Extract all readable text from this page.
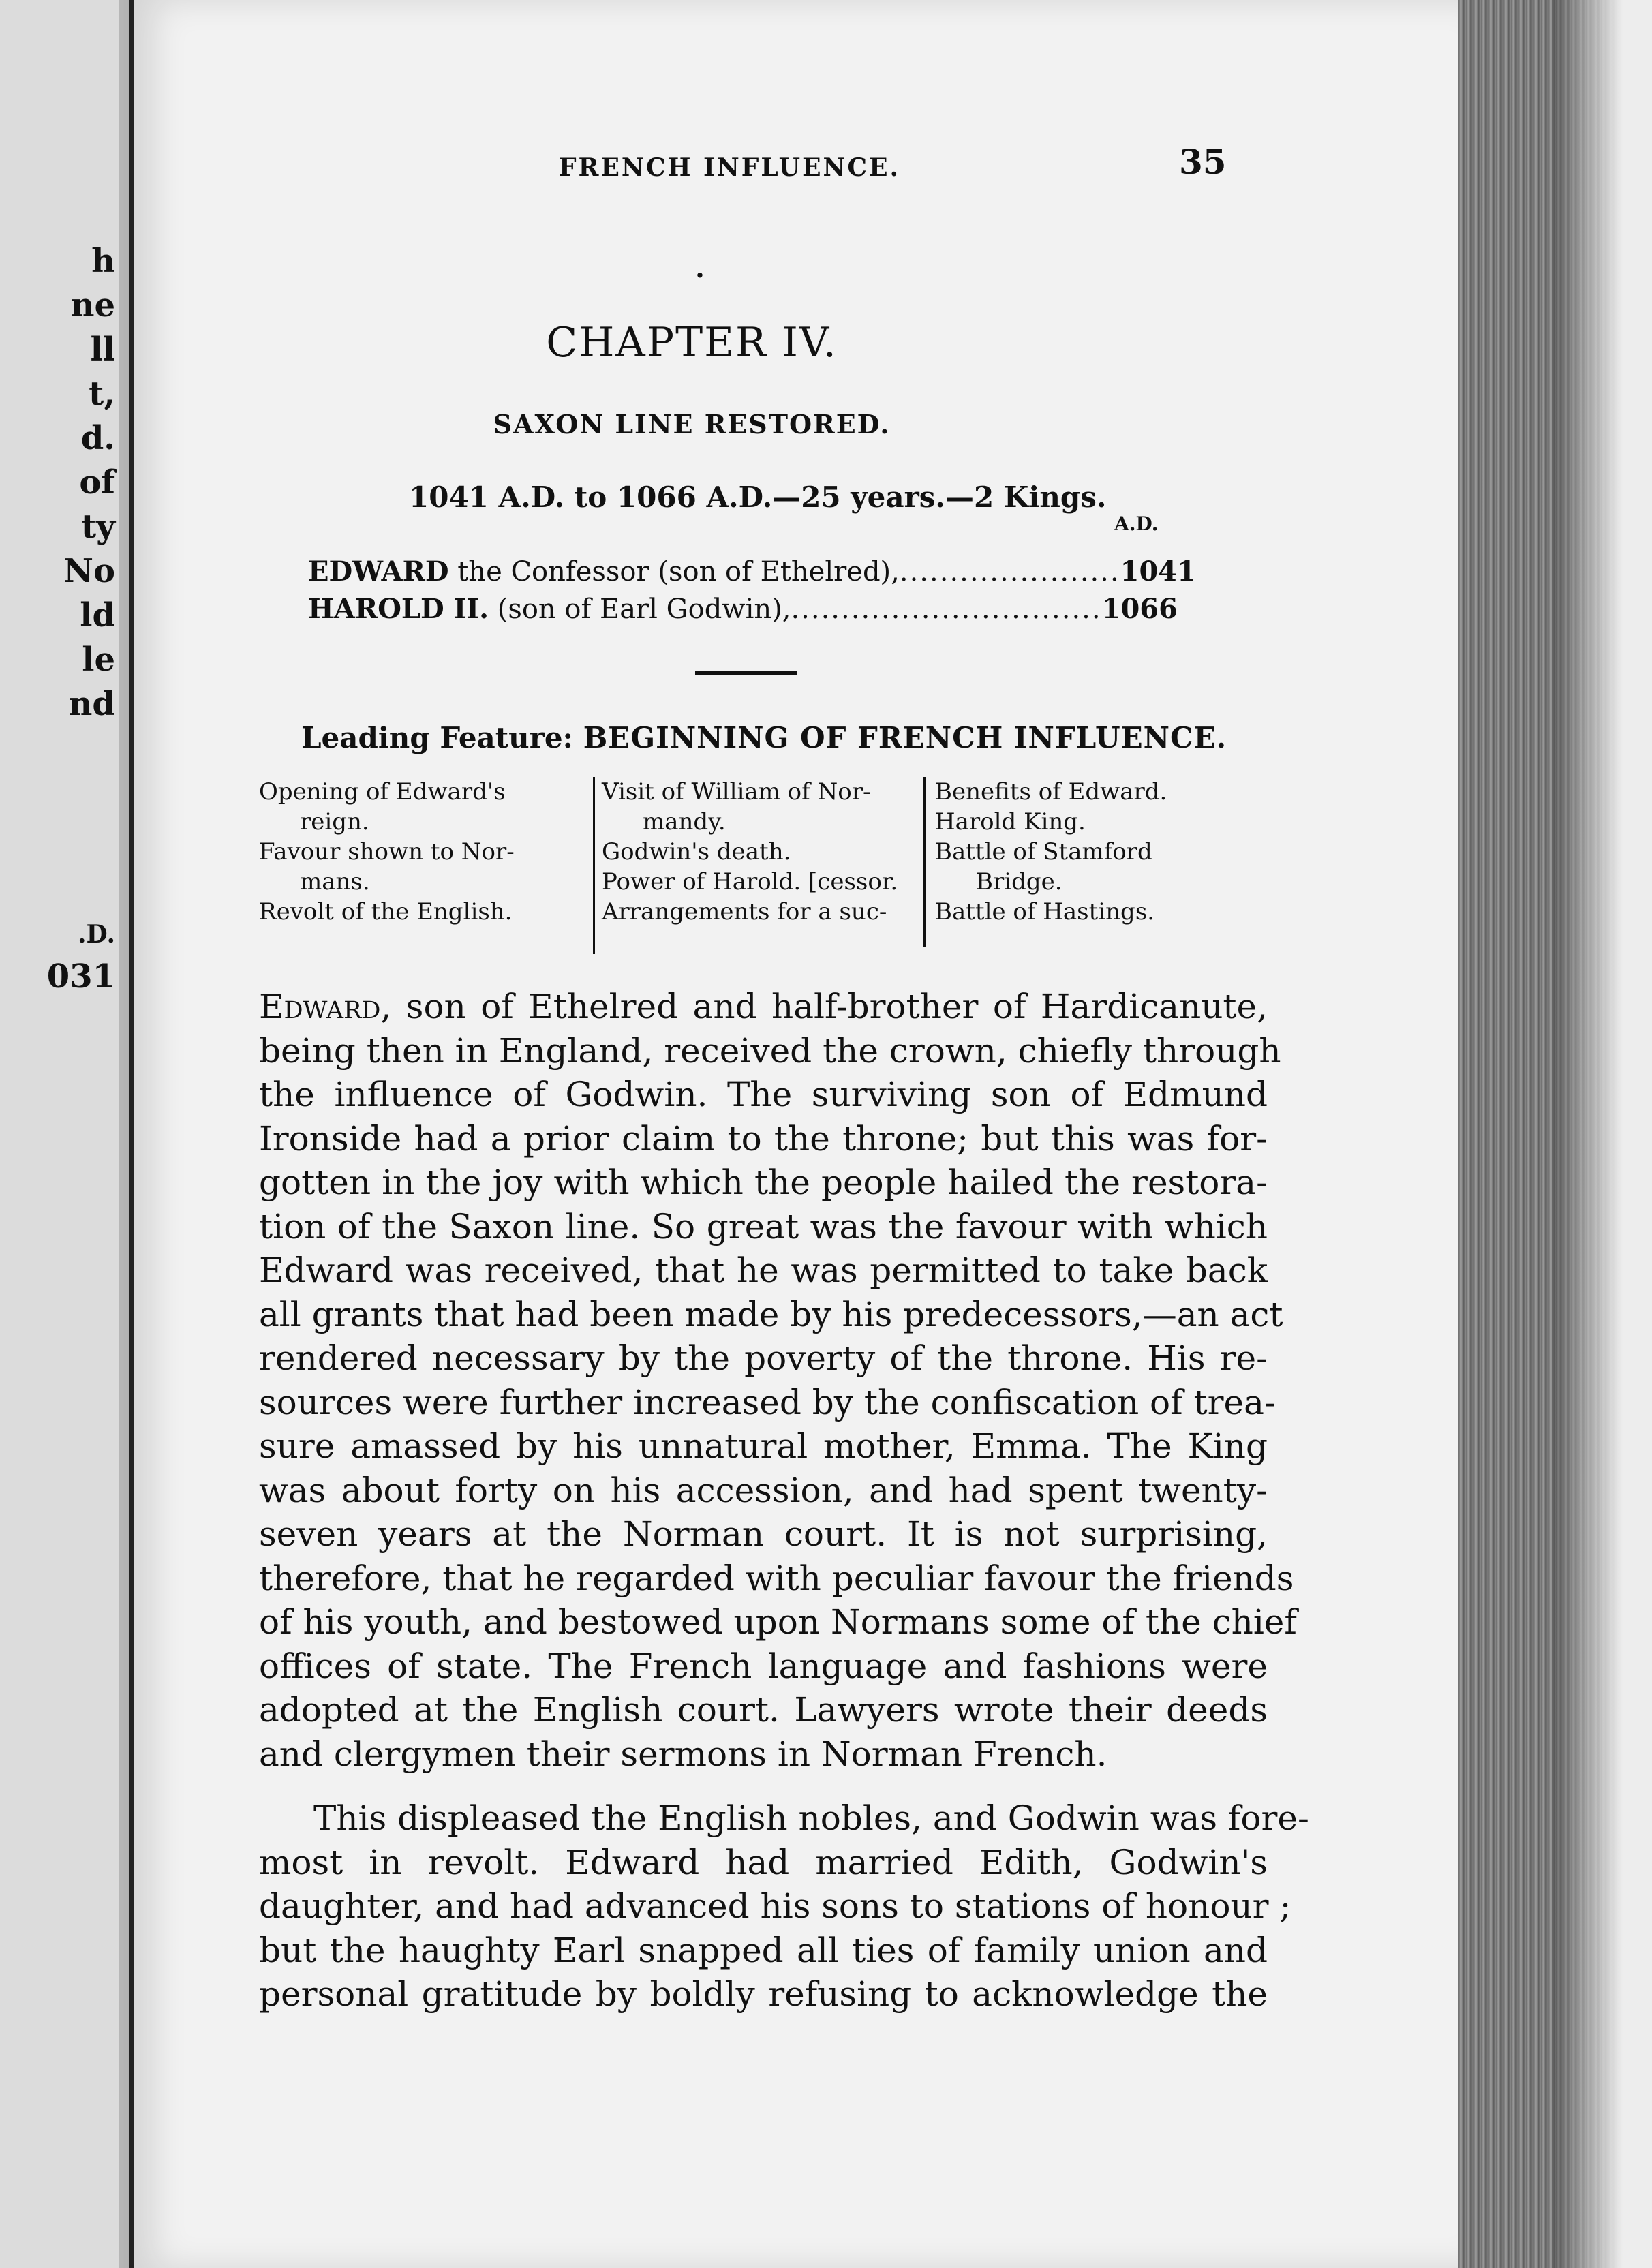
h
ne
ll
t,
d.
of
ty
No
ld
le
nd
.D.
031
FRENCH INFLUENCE.	35
.
CHAPTER IV.
SAXON LINE RESTORED.
1041 A.D. to 1066 A.D.—25 years.—2 Kings.
A.D.
EDWARD the Confessor (son of Ethelred),......................1041
HAROLD II. (son of Earl Godwin),...............................1066
Leading Feature: BEGINNING OF FRENCH INFLUENCE.
Opening of Edward's
reign.
Favour shown to Nor-
mans.
Revolt of the English.
Visit of William of Nor-
mandy.
Godwin's death.
Power of Harold. [cessor.
Arrangements for a suc-
Benefits of Edward.
Harold King.
Battle of Stamford
Bridge.
Battle of Hastings.
Edward, son of Ethelred and half-brother of Hardicanute,
being then in England, received the crown, chiefly through
the influence of Godwin. The surviving son of Edmund
Ironside had a prior claim to the throne; but this was for-
gotten in the joy with which the people hailed the restora-
tion of the Saxon line. So great was the favour with which
Edward was received, that he was permitted to take back
all grants that had been made by his predecessors,—an act
rendered necessary by the poverty of the throne. His re-
sources were further increased by the confiscation of trea-
sure amassed by his unnatural mother, Emma. The King
was about forty on his accession, and had spent twenty-
seven years at the Norman court. It is not surprising,
therefore, that he regarded with peculiar favour the friends
of his youth, and bestowed upon Normans some of the chief
offices of state. The French language and fashions were
adopted at the English court. Lawyers wrote their deeds
and clergymen their sermons in Norman French.
This displeased the English nobles, and Godwin was fore-
most in revolt. Edward had married Edith, Godwin's
daughter, and had advanced his sons to stations of honour ;
but the haughty Earl snapped all ties of family union and
personal gratitude by boldly refusing to acknowledge the
